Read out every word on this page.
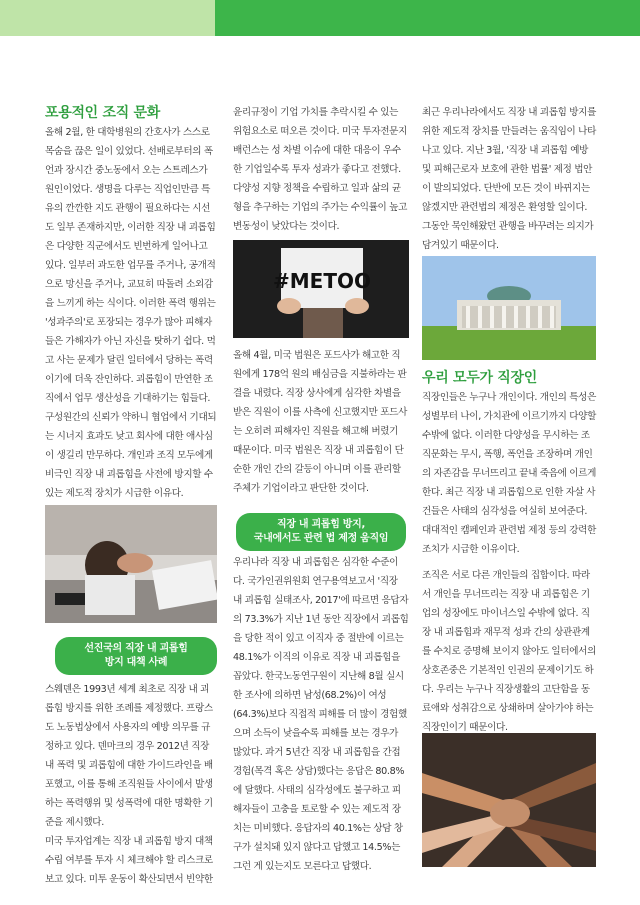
포용적인 조직 문화

올해 2월, 한 대학병원의 간호사가 스스로 목숨을 끊은 일이 있었다. 선배로부터의 폭언과 장시간 중노동에서 오는 스트레스가 원인이었다. 생명을 다루는 직업인만큼 특유의 깐깐한 지도 관행이 필요하다는 시선도 일부 존재하지만, 이러한 직장 내 괴롭힘은 다양한 직군에서도 빈번하게 일어나고 있다. 일부러 과도한 업무를 주거나, 공개적으로 망신을 주거나, 교묘히 따돌려 소외감을 느끼게 하는 식이다. 이러한 폭력 행위는 '성과주의'로 포장되는 경우가 많아 피해자들은 가해자가 아닌 자신을 탓하기 쉽다. 먹고 사는 문제가 달린 일터에서 당하는 폭력이기에 더욱 잔인하다. 괴롭힘이 만연한 조직에서 업무 생산성을 기대하기는 힘들다. 구성원간의 신뢰가 약하니 협업에서 기대되는 시너지 효과도 낮고 회사에 대한 애사심이 생길리 만무하다. 개인과 조직 모두에게 비극인 직장 내 괴롭힘을 사전에 방지할 수 있는 제도적 장치가 시급한 이유다.

선진국의 직장 내 괴롭힘
방지 대책 사례

스웨덴은 1993년 세계 최초로 직장 내 괴롭힘 방지를 위한 조례를 제정했다. 프랑스도 노동법상에서 사용자의 예방 의무를 규정하고 있다. 덴마크의 경우 2012년 직장 내 폭력 및 괴롭힘에 대한 가이드라인을 배포했고, 이를 통해 조직원들 사이에서 발생하는 폭력행위 및 성폭력에 대한 명확한 기준을 제시했다.

미국 투자업계는 직장 내 괴롭힘 방지 대책 수립 여부를 투자 시 체크해야 할 리스크로 보고 있다. 미투 운동이 확산되면서 빈약한

윤리규정이 기업 가치를 추락시킬 수 있는 위험요소로 떠오른 것이다. 미국 투자전문지 배런스는 성 차별 이슈에 대한 대응이 우수한 기업일수록 투자 성과가 좋다고 전했다. 다양성 지향 정책을 수립하고 일과 삶의 균형을 추구하는 기업의 주가는 수익률이 높고 변동성이 낮았다는 것이다.

#METOO

올해 4월, 미국 법원은 포드사가 해고한 직원에게 178억 원의 배심금을 지불하라는 판결을 내렸다. 직장 상사에게 심각한 차별을 받은 직원이 이를 사측에 신고했지만 포드사는 오히려 피해자인 직원을 해고해 버렸기 때문이다. 미국 법원은 직장 내 괴롭힘이 단순한 개인 간의 갈등이 아니며 이를 관리할 주체가 기업이라고 판단한 것이다.

직장 내 괴롭힘 방지,
국내에서도 관련 법 제정 움직임

우리나라 직장 내 괴롭힘은 심각한 수준이다. 국가인권위원회 연구용역보고서 '직장 내 괴롭힘 실태조사, 2017'에 따르면 응답자의 73.3%가 지난 1년 동안 직장에서 괴롭힘을 당한 적이 있고 이직자 중 절반에 이르는 48.1%가 이직의 이유로 직장 내 괴롭힘을 꼽았다. 한국노동연구원이 지난해 8월 실시한 조사에 의하면 남성(68.2%)이 여성(64.3%)보다 직접적 피해를 더 많이 경험했으며 소득이 낮을수록 피해를 보는 경우가 많았다. 과거 5년간 직장 내 괴롭힘을 간접경험(목격 혹은 상담)했다는 응답은 80.8%에 달했다. 사태의 심각성에도 불구하고 피해자들이 고충을 토로할 수 있는 제도적 장치는 미비했다. 응답자의 40.1%는 상담 창구가 설치돼 있지 않다고 답했고 14.5%는 그런 게 있는지도 모른다고 답했다.

최근 우리나라에서도 직장 내 괴롭힘 방지를 위한 제도적 장치를 만들려는 움직임이 나타나고 있다. 지난 3월, '직장 내 괴롭힘 예방 및 피해근로자 보호에 관한 법률' 제정 법안이 발의되었다. 단반에 모든 것이 바뀌지는 않겠지만 관련법의 제정은 환영할 일이다. 그동안 묵인해왔던 관행을 바꾸려는 의지가 담겨있기 때문이다.

우리 모두가 직장인

직장인들은 누구나 개인이다. 개인의 특성은 성별부터 나이, 가치관에 이르기까지 다양할 수밖에 없다. 이러한 다양성을 무시하는 조직문화는 무시, 폭행, 폭언을 조장하며 개인의 자존감을 무너뜨리고 끝내 죽음에 이르게 한다. 최근 직장 내 괴롭힘으로 인한 자살 사건들은 사태의 심각성을 여실히 보여준다. 대대적인 캠페인과 관련법 제정 등의 강력한 조치가 시급한 이유이다.

조직은 서로 다른 개인들의 집합이다. 따라서 개인을 무너뜨리는 직장 내 괴롭힘은 기업의 성장에도 마이너스일 수밖에 없다. 직장 내 괴롭힘과 재무적 성과 간의 상관관계를 수치로 증명해 보이지 않아도 일터에서의 상호존중은 기본적인 인권의 문제이기도 하다. 우리는 누구나 직장생활의 고단함을 동료애와 성취감으로 상쇄하며 살아가야 하는 직장인이기 때문이다.
